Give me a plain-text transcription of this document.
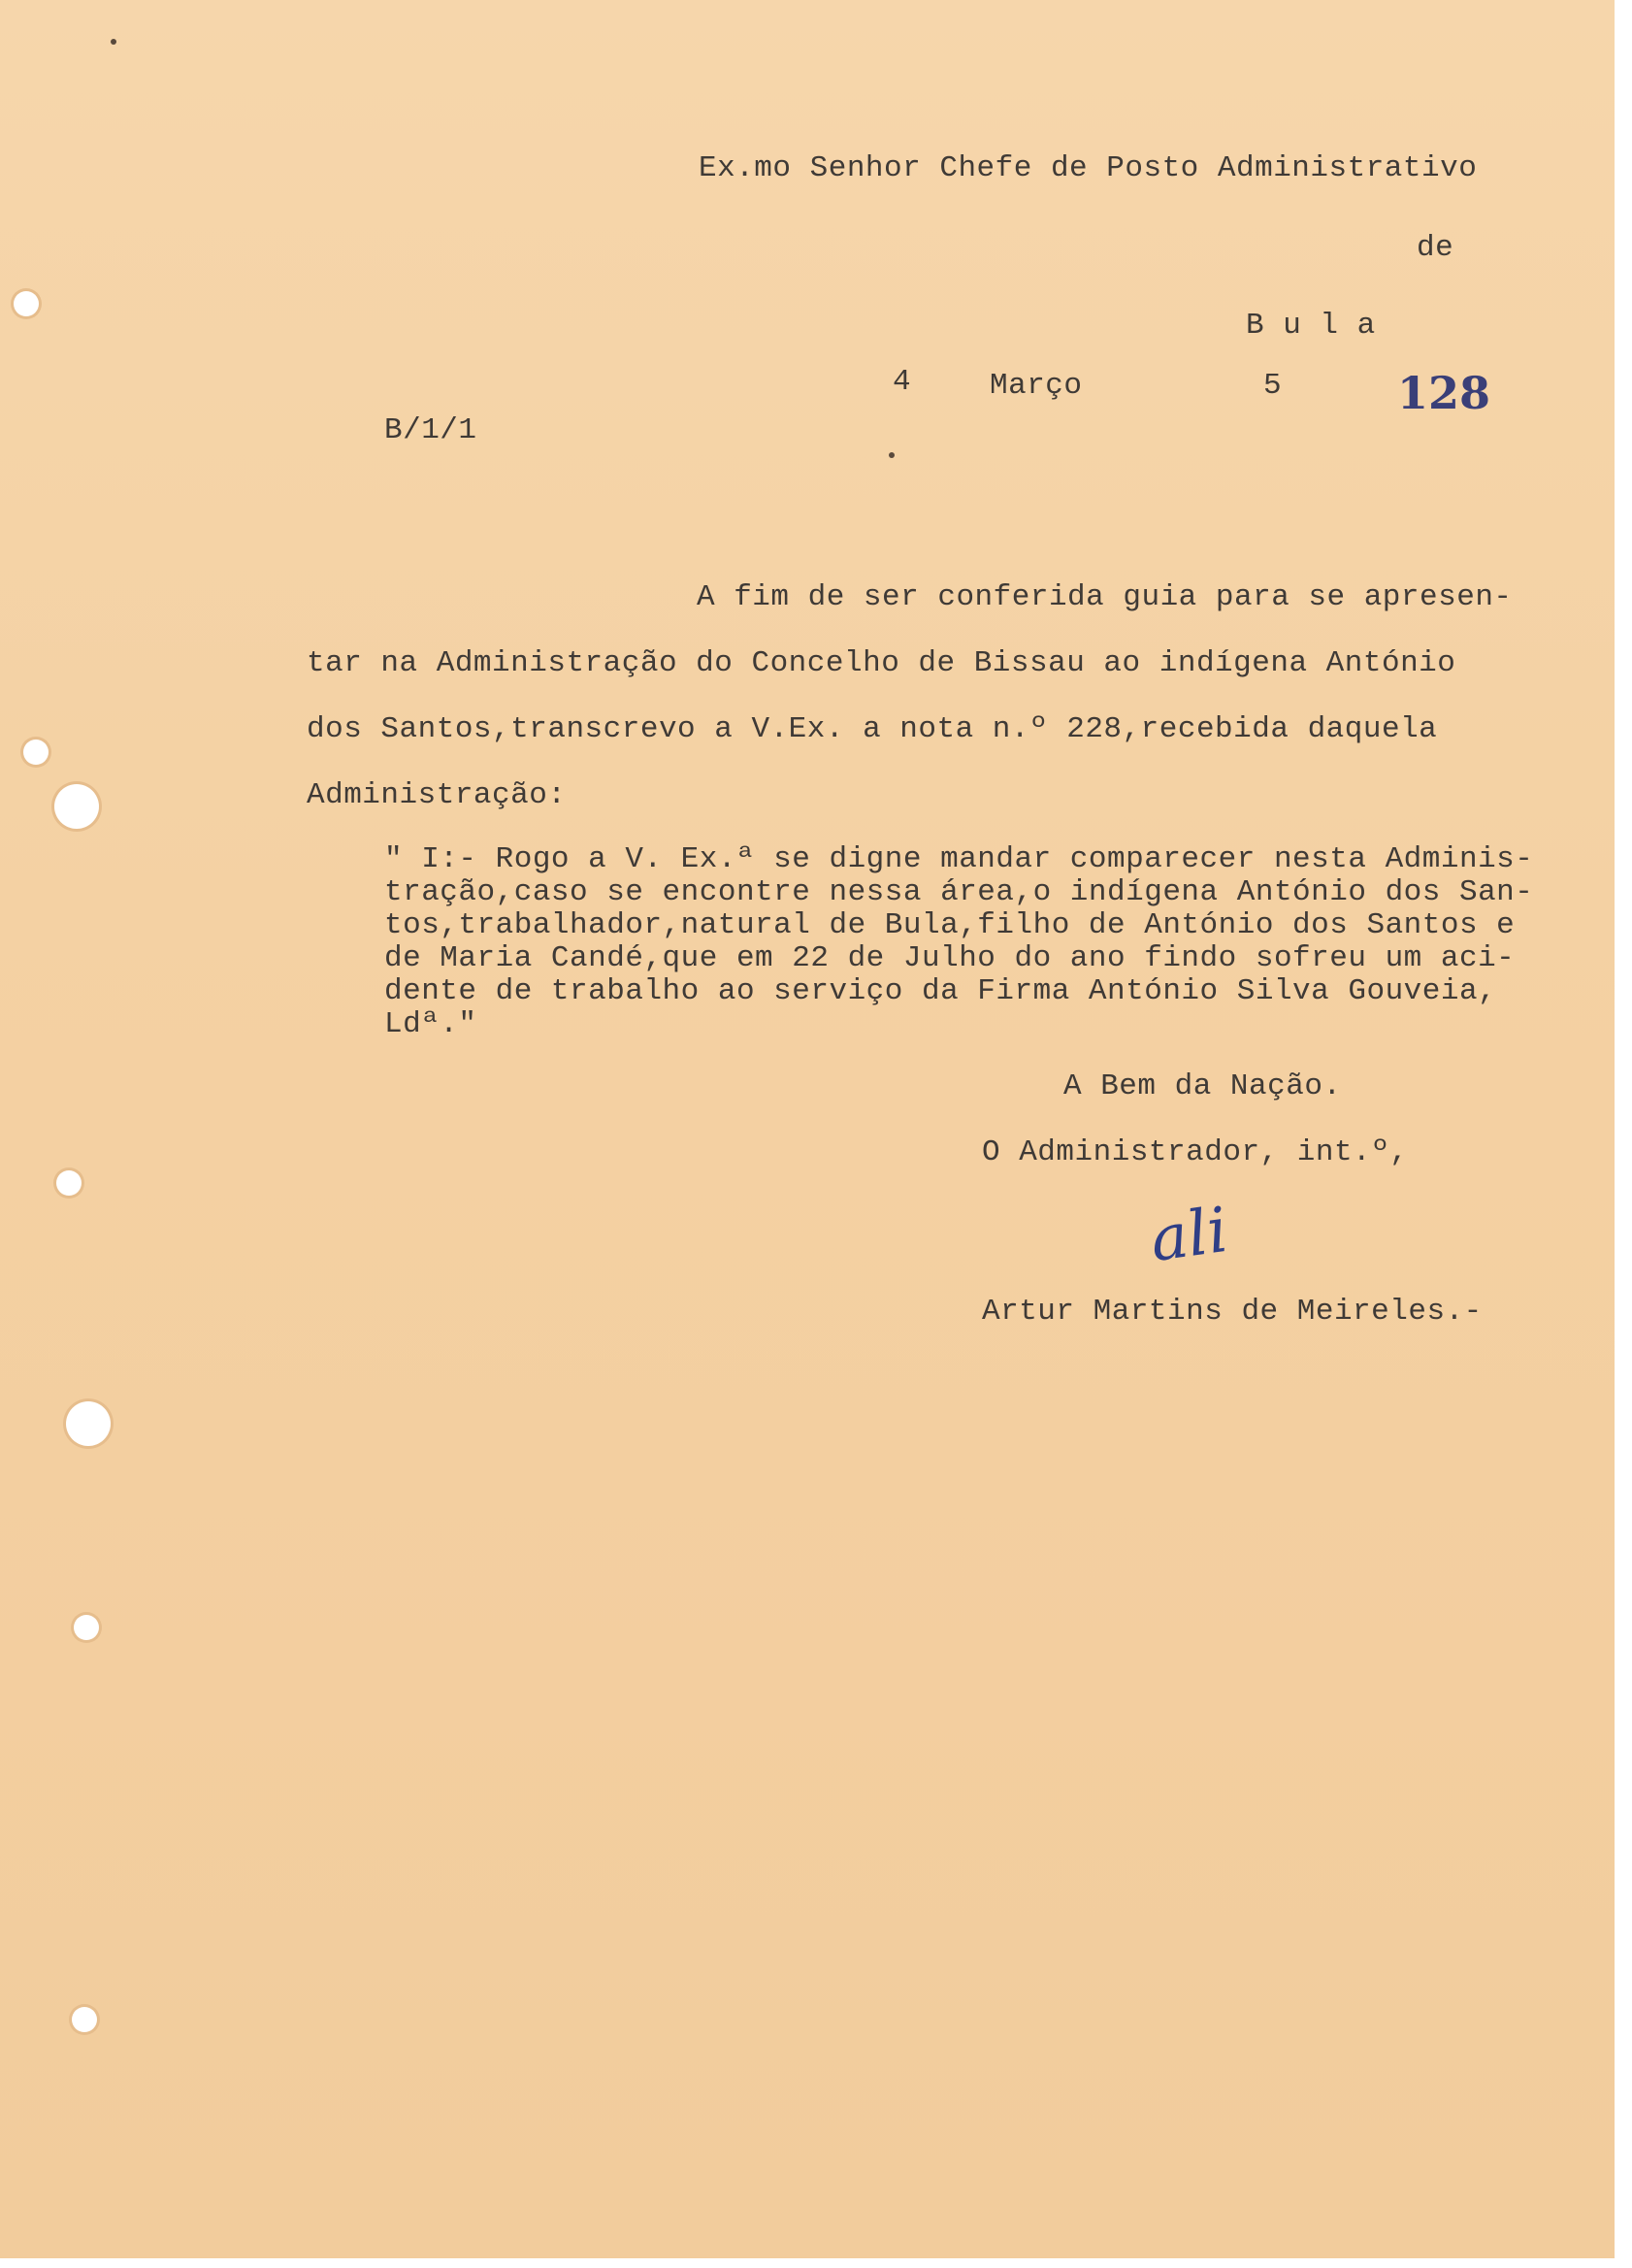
Ex.mo Senhor Chefe de Posto Administrativo
de
B u l a
4	Março	5	128
B/1/1
A fim de ser conferida guia para se apresen-
tar na Administração do Concelho de Bissau ao indígena António
dos Santos,transcrevo a V.Ex. a nota n.º 228,recebida daquela
Administração:
" I:- Rogo a V. Ex.ª se digne mandar comparecer nesta Adminis-
tração,caso se encontre nessa área,o indígena António dos San-
tos,trabalhador,natural de Bula,filho de António dos Santos e
de Maria Candé,que em 22 de Julho do ano findo sofreu um aci-
dente de trabalho ao serviço da Firma António Silva Gouveia,
Ldª."
A Bem da Nação.
O Administrador, int.º,
ali
Artur Martins de Meireles.-
